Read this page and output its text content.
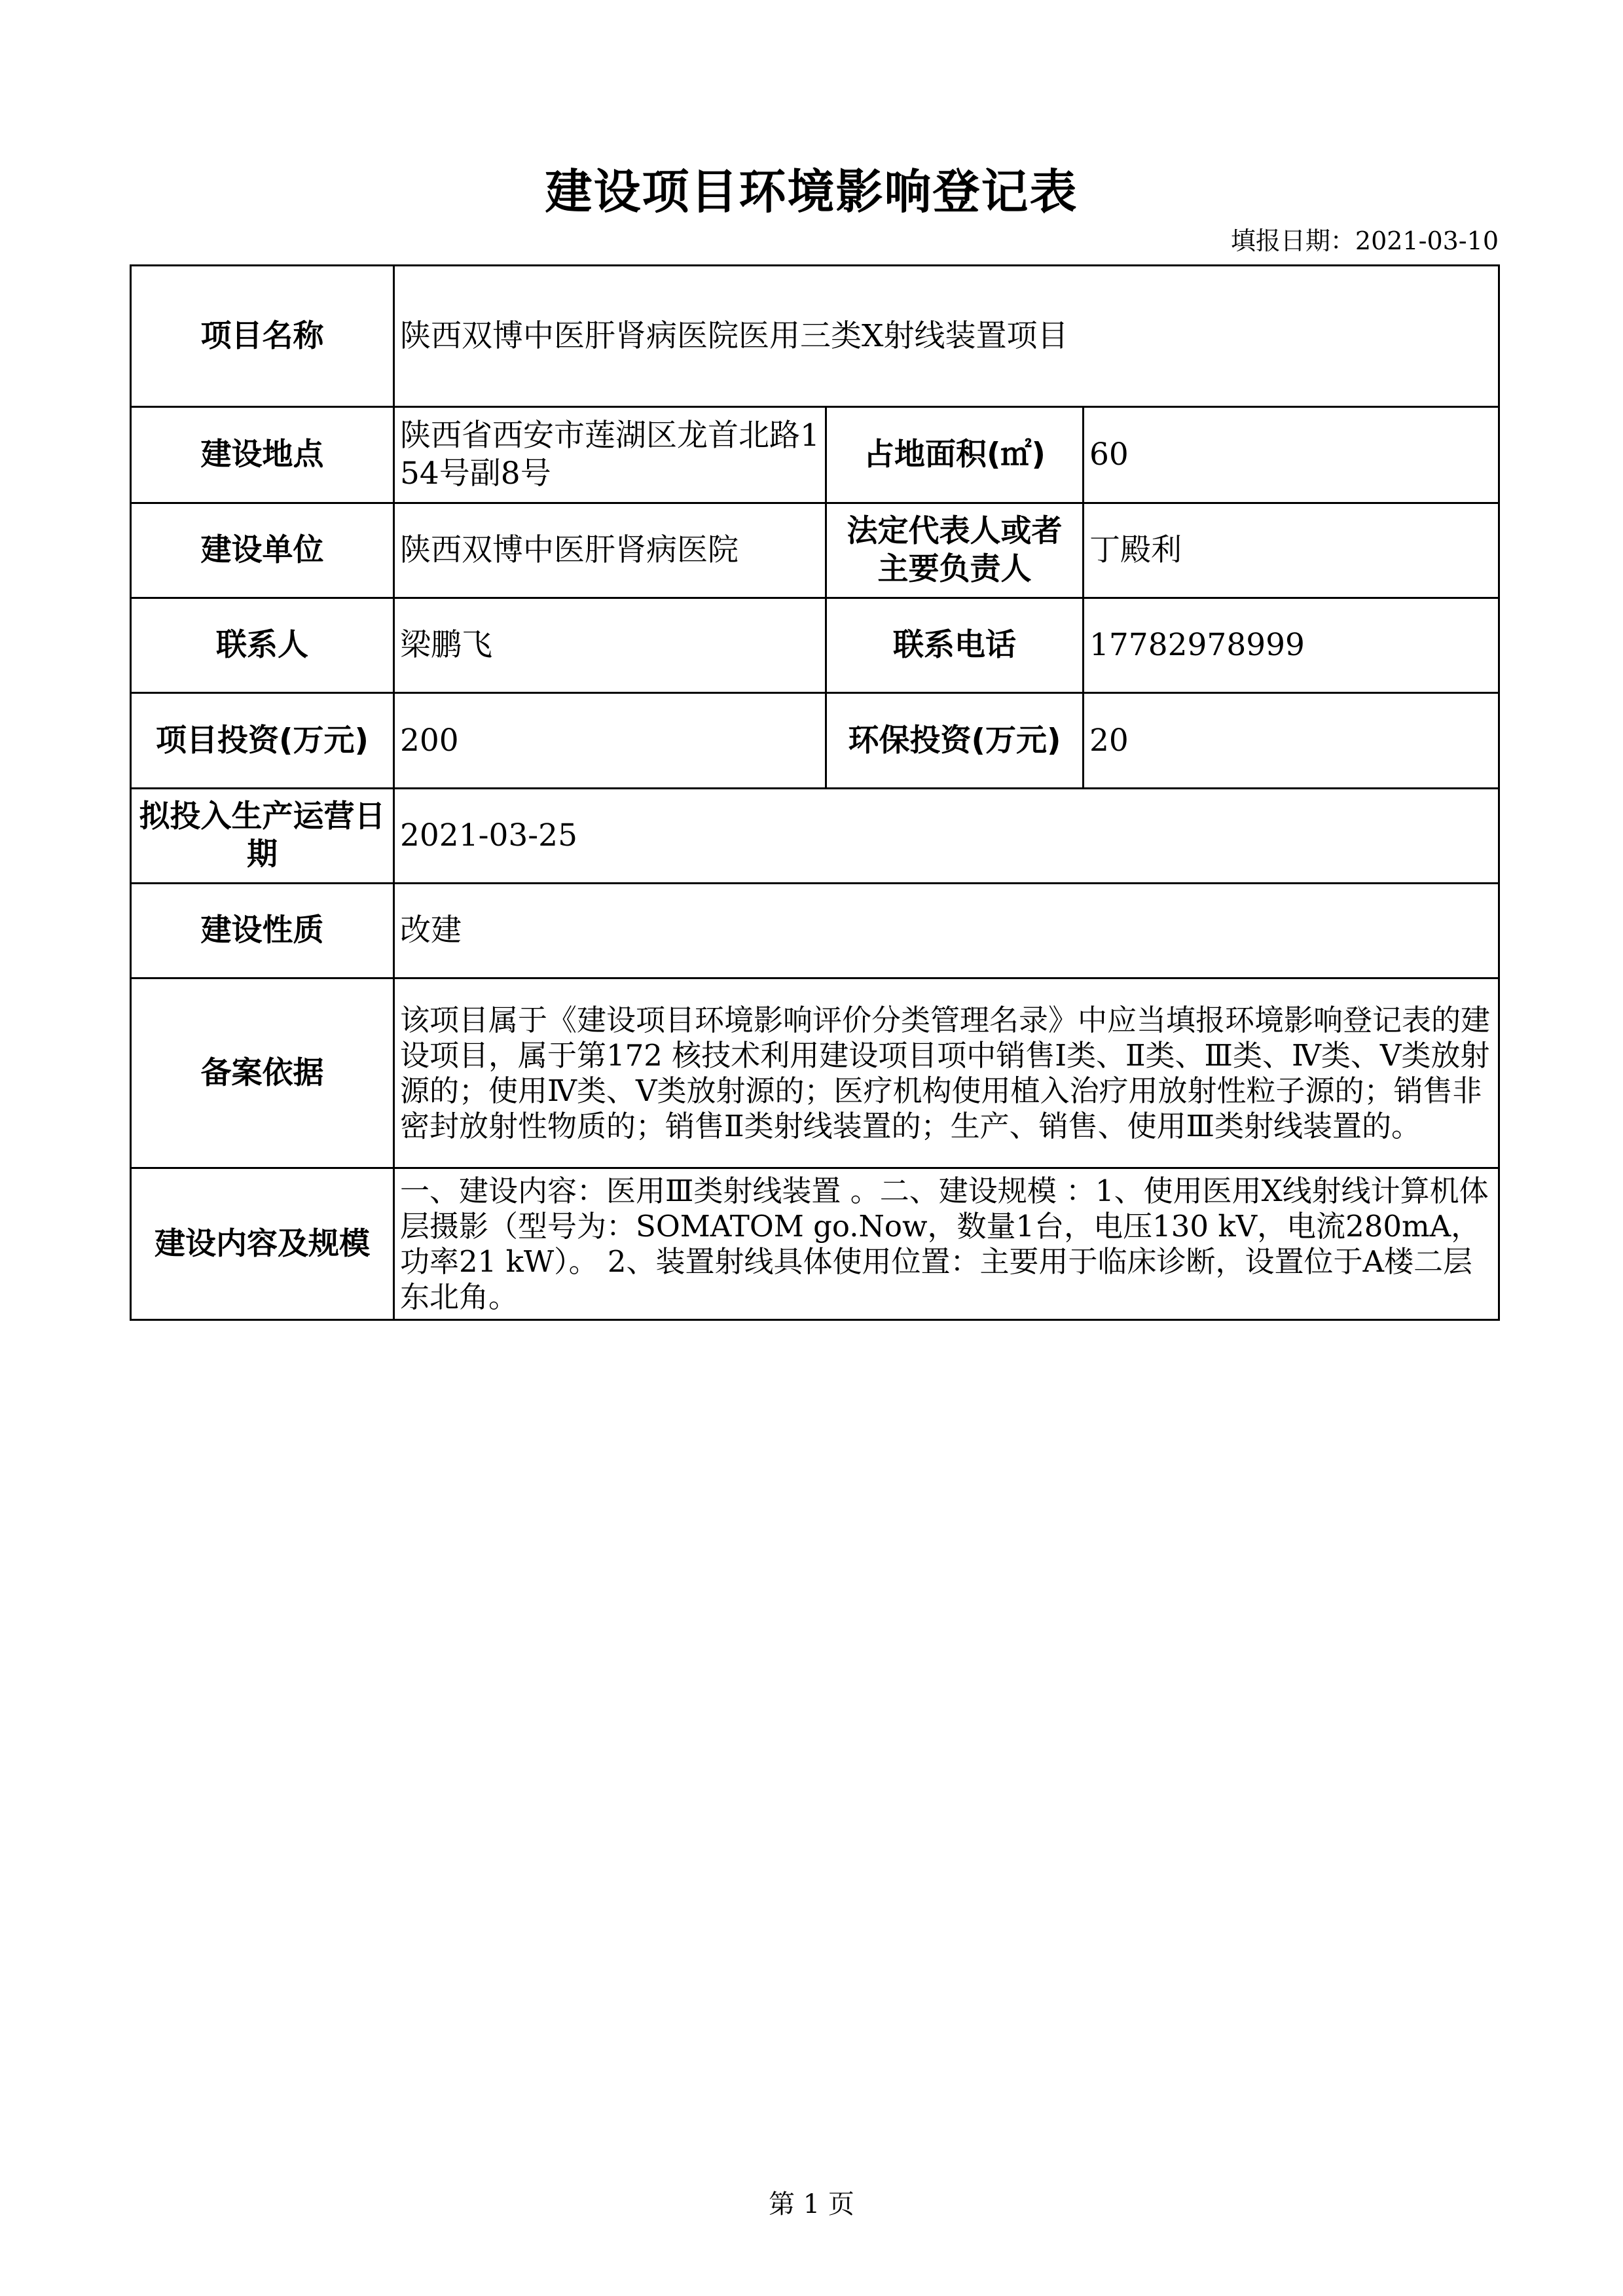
建设项目环境影响登记表
填报日期：2021-03-10
项目名称	陕西双博中医肝肾病医院医用三类X射线装置项目		
建设地点	陕西省西安市莲湖区龙首北路154号副8号	占地面积(㎡)	60
建设单位	陕西双博中医肝肾病医院	法定代表人或者主要负责人	丁殿利
联系人	梁鹏飞	联系电话	17782978999
项目投资(万元)	200	环保投资(万元)	20
拟投入生产运营日期	2021-03-25		
建设性质	改建		
备案依据	该项目属于《建设项目环境影响评价分类管理名录》中应当填报环境影响登记表的建设项目，属于第172 核技术利用建设项目项中销售Ⅰ类、Ⅱ类、Ⅲ类、Ⅳ类、Ⅴ类放射源的；使用Ⅳ类、Ⅴ类放射源的；医疗机构使用植入治疗用放射性粒子源的；销售非密封放射性物质的；销售Ⅱ类射线装置的；生产、销售、使用Ⅲ类射线装置的。		
建设内容及规模	一、建设内容：医用Ⅲ类射线装置 。二、建设规模 ：1、使用医用X线射线计算机体层摄影（型号为：SOMATOM go.Now，数量1台，电压130 kV，电流280mA，功率21 kW）。 2、装置射线具体使用位置：主要用于临床诊断，设置位于A楼二层东北角。		
第 1 页
